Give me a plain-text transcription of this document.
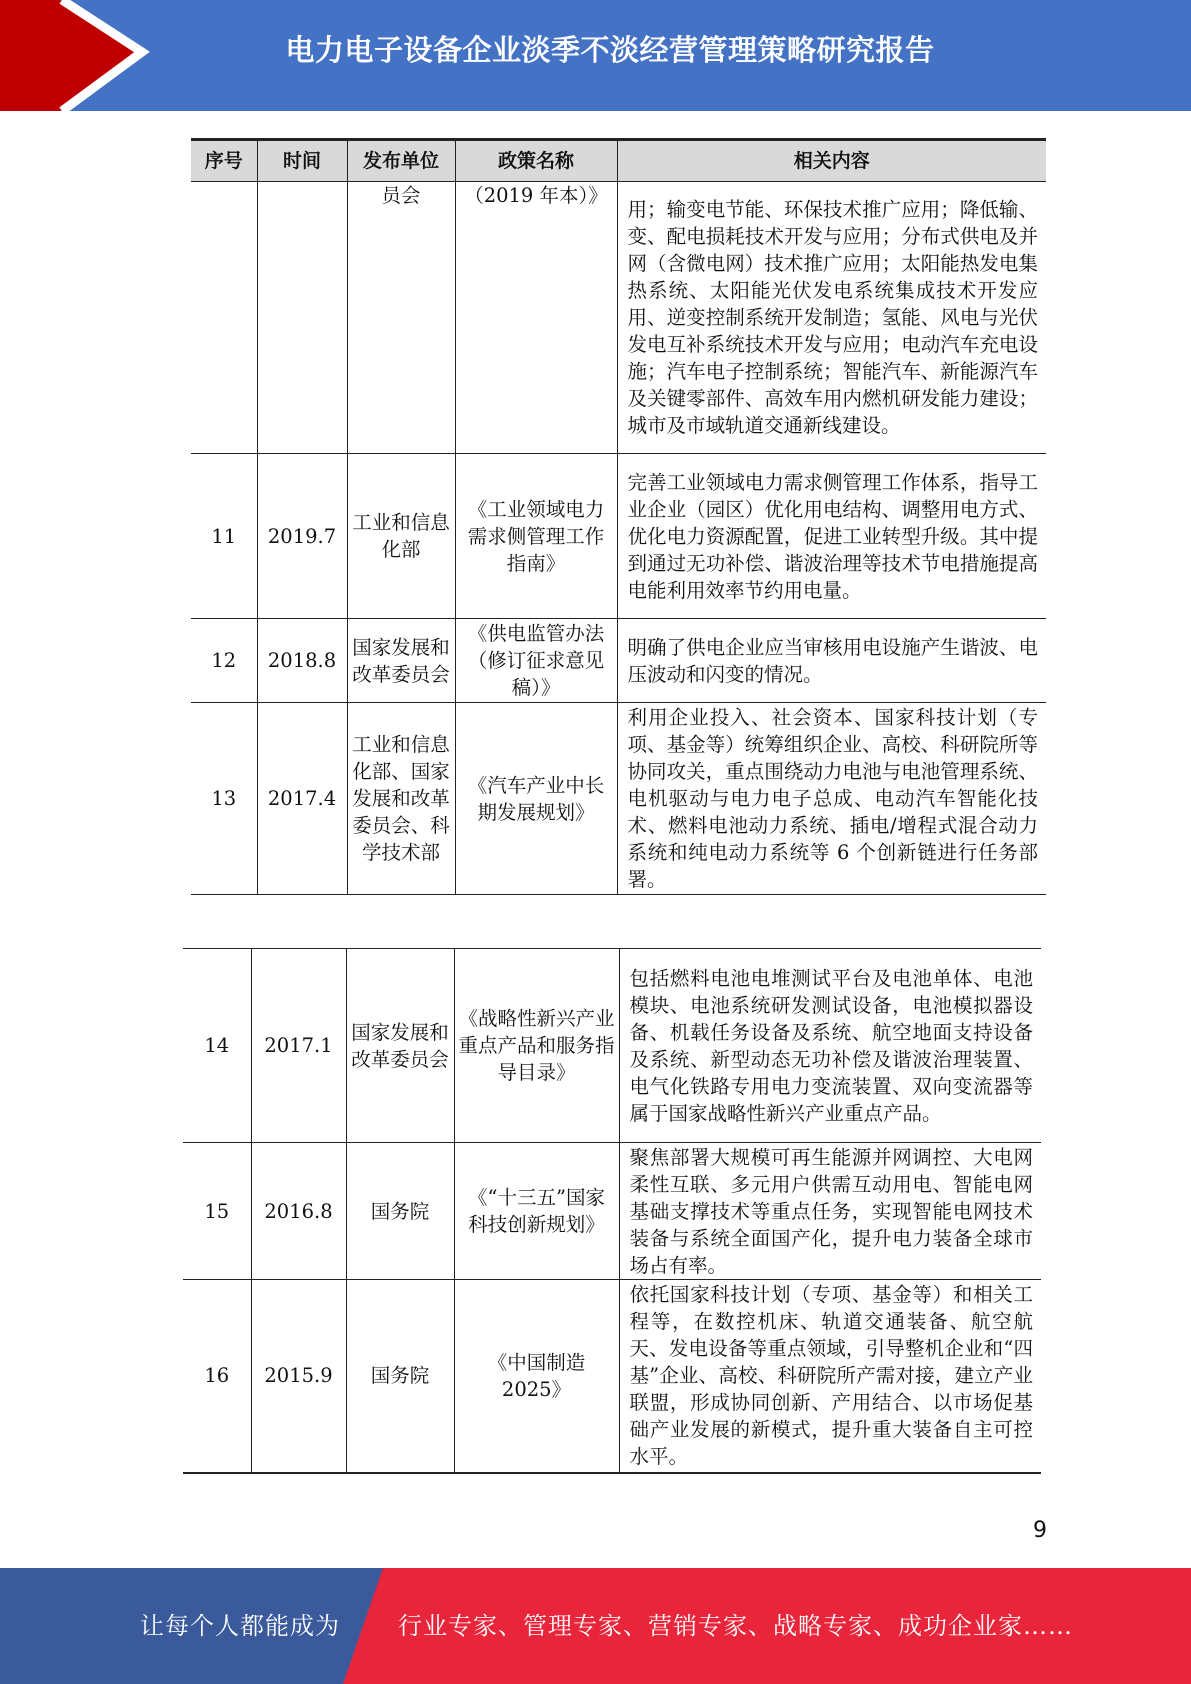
电力电子设备企业淡季不淡经营管理策略研究报告
序号	时间	发布单位	政策名称	相关内容
		员会	（2019 年本）》	用；输变电节能、环保技术推广应用；降低输、变、配电损耗技术开发与应用；分布式供电及并网（含微电网）技术推广应用；太阳能热发电集热系统、太阳能光伏发电系统集成技术开发应用、逆变控制系统开发制造；氢能、风电与光伏发电互补系统技术开发与应用；电动汽车充电设施；汽车电子控制系统；智能汽车、新能源汽车及关键零部件、高效车用内燃机研发能力建设；城市及市域轨道交通新线建设。
11	2019.7	工业和信息化部	《工业领域电力需求侧管理工作指南》	完善工业领域电力需求侧管理工作体系，指导工业企业（园区）优化用电结构、调整用电方式、优化电力资源配置，促进工业转型升级。其中提到通过无功补偿、谐波治理等技术节电措施提高电能利用效率节约用电量。
12	2018.8	国家发展和改革委员会	《供电监管办法（修订征求意见稿）》	明确了供电企业应当审核用电设施产生谐波、电压波动和闪变的情况。
13	2017.4	工业和信息化部、国家发展和改革委员会、科学技术部	《汽车产业中长期发展规划》	利用企业投入、社会资本、国家科技计划（专项、基金等）统筹组织企业、高校、科研院所等协同攻关，重点围绕动力电池与电池管理系统、电机驱动与电力电子总成、电动汽车智能化技术、燃料电池动力系统、插电/增程式混合动力系统和纯电动力系统等 6 个创新链进行任务部署。
14	2017.1	国家发展和改革委员会	《战略性新兴产业重点产品和服务指导目录》	包括燃料电池电堆测试平台及电池单体、电池模块、电池系统研发测试设备，电池模拟器设备、机载任务设备及系统、航空地面支持设备及系统、新型动态无功补偿及谐波治理装置、电气化铁路专用电力变流装置、双向变流器等属于国家战略性新兴产业重点产品。
15	2016.8	国务院	《“十三五”国家科技创新规划》	聚焦部署大规模可再生能源并网调控、大电网柔性互联、多元用户供需互动用电、智能电网基础支撑技术等重点任务，实现智能电网技术装备与系统全面国产化，提升电力装备全球市场占有率。
16	2015.9	国务院	《中国制造 2025》	依托国家科技计划（专项、基金等）和相关工程等，在数控机床、轨道交通装备、航空航天、发电设备等重点领域，引导整机企业和“四基”企业、高校、科研院所产需对接，建立产业联盟，形成协同创新、产用结合、以市场促基础产业发展的新模式，提升重大装备自主可控水平。
9
让每个人都能成为 行业专家、管理专家、营销专家、战略专家、成功企业家……
